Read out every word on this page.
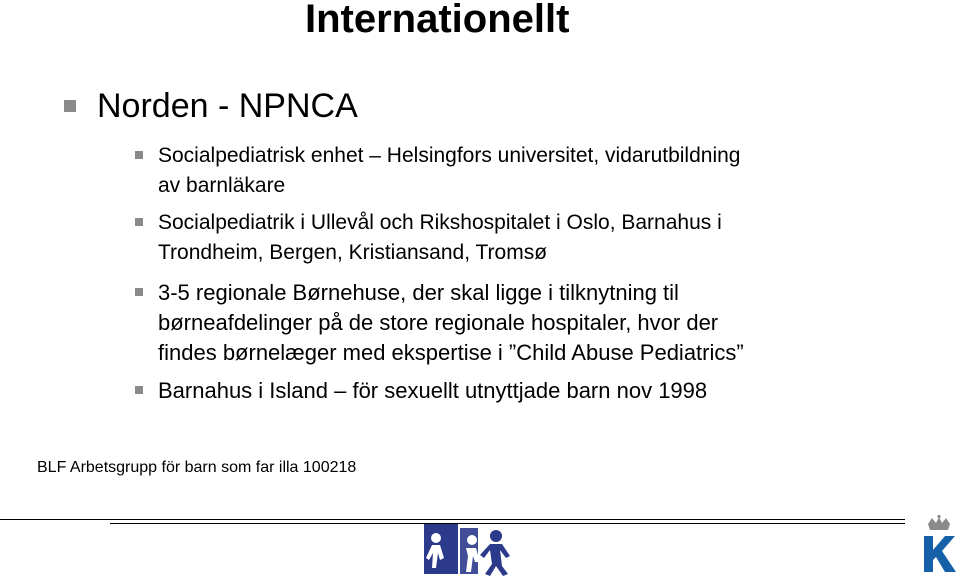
Internationellt
Norden - NPNCA
Socialpediatrisk enhet – Helsingfors universitet, vidarutbildning
av barnläkare
Socialpediatrik i Ullevål och Rikshospitalet i Oslo, Barnahus i
Trondheim, Bergen, Kristiansand, Tromsø
3-5 regionale Børnehuse, der skal ligge i tilknytning til
børneafdelinger på de store regionale hospitaler, hvor der
findes børnelæger med ekspertise i ”Child Abuse Pediatrics”
Barnahus i Island – för sexuellt utnyttjade barn nov 1998
BLF Arbetsgrupp för barn som far illa 100218
